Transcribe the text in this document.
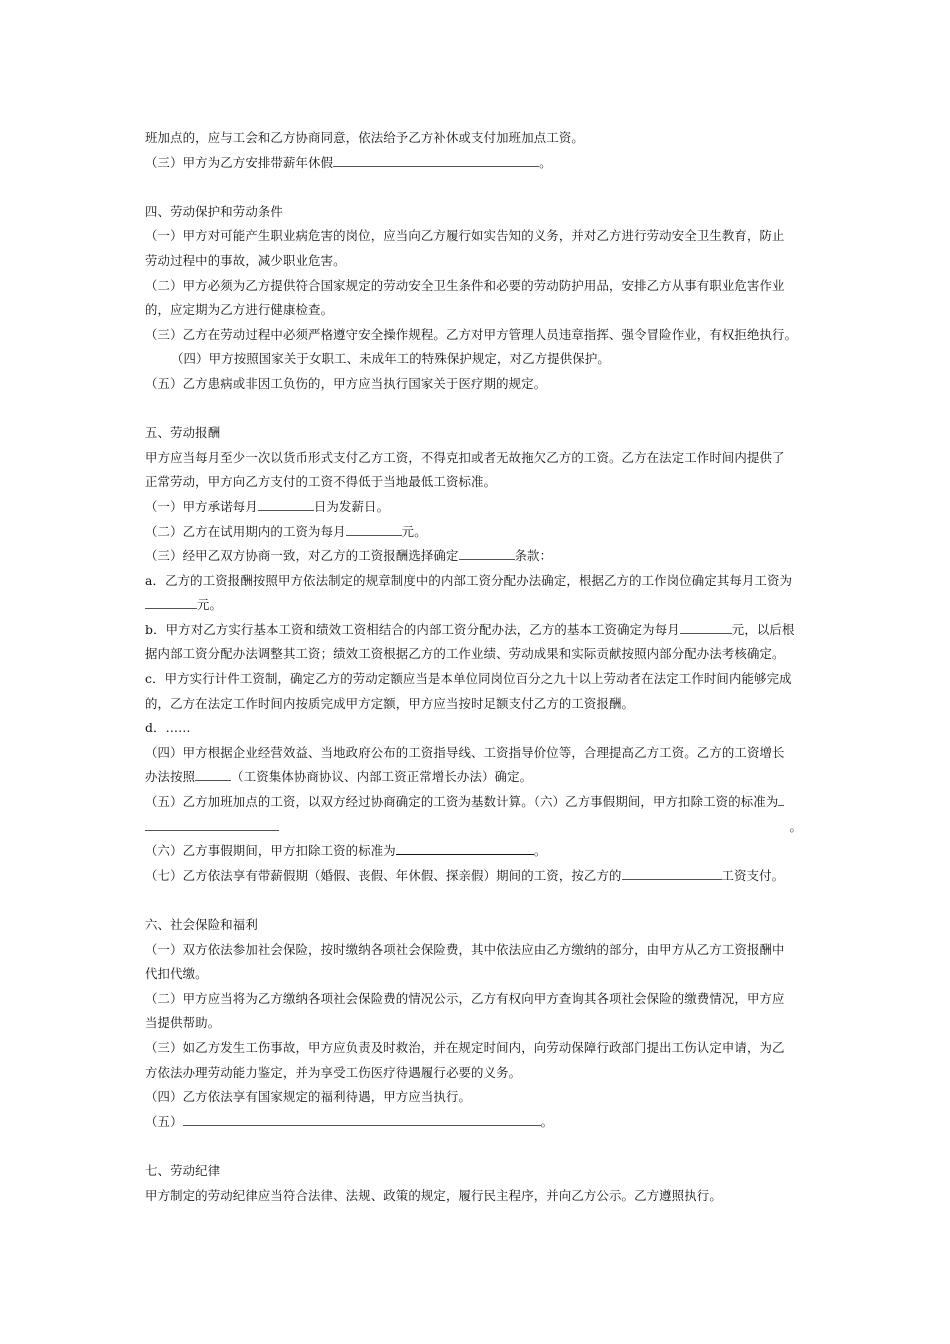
班加点的，应与工会和乙方协商同意，依法给予乙方补休或支付加班加点工资。
（三）甲方为乙方安排带薪年休假	。
四、劳动保护和劳动条件
（一）甲方对可能产生职业病危害的岗位，应当向乙方履行如实告知的义务，并对乙方进行劳动安全卫生教育，防止
劳动过程中的事故，减少职业危害。
（二）甲方必须为乙方提供符合国家规定的劳动安全卫生条件和必要的劳动防护用品，安排乙方从事有职业危害作业
的，应定期为乙方进行健康检查。
（三）乙方在劳动过程中必须严格遵守安全操作规程。乙方对甲方管理人员违章指挥、强令冒险作业，有权拒绝执行。
（四）甲方按照国家关于女职工、未成年工的特殊保护规定，对乙方提供保护。
（五）乙方患病或非因工负伤的，甲方应当执行国家关于医疗期的规定。
五、劳动报酬
甲方应当每月至少一次以货币形式支付乙方工资，不得克扣或者无故拖欠乙方的工资。乙方在法定工作时间内提供了
正常劳动，甲方向乙方支付的工资不得低于当地最低工资标准。
（一）甲方承诺每月	日为发薪日。
（二）乙方在试用期内的工资为每月	元。
（三）经甲乙双方协商一致，对乙方的工资报酬选择确定	条款：
a．乙方的工资报酬按照甲方依法制定的规章制度中的内部工资分配办法确定，根据乙方的工作岗位确定其每月工资为
元。
b．甲方对乙方实行基本工资和绩效工资相结合的内部工资分配办法，乙方的基本工资确定为每月	元，以后根
据内部工资分配办法调整其工资；绩效工资根据乙方的工作业绩、劳动成果和实际贡献按照内部分配办法考核确定。
c．甲方实行计件工资制，确定乙方的劳动定额应当是本单位同岗位百分之九十以上劳动者在法定工作时间内能够完成
的，乙方在法定工作时间内按质完成甲方定额，甲方应当按时足额支付乙方的工资报酬。
d．……
（四）甲方根据企业经营效益、当地政府公布的工资指导线、工资指导价位等，合理提高乙方工资。乙方的工资增长
办法按照	（工资集体协商协议、内部工资正常增长办法）确定。
（五）乙方加班加点的工资，以双方经过协商确定的工资为基数计算。（六）乙方事假期间，甲方扣除工资的标准为
。
（六）乙方事假期间，甲方扣除工资的标准为	。
（七）乙方依法享有带薪假期（婚假、丧假、年休假、探亲假）期间的工资，按乙方的	工资支付。
六、社会保险和福利
（一）双方依法参加社会保险，按时缴纳各项社会保险费，其中依法应由乙方缴纳的部分，由甲方从乙方工资报酬中
代扣代缴。
（二）甲方应当将为乙方缴纳各项社会保险费的情况公示，乙方有权向甲方查询其各项社会保险的缴费情况，甲方应
当提供帮助。
（三）如乙方发生工伤事故，甲方应负责及时救治，并在规定时间内，向劳动保障行政部门提出工伤认定申请，为乙
方依法办理劳动能力鉴定，并为享受工伤医疗待遇履行必要的义务。
（四）乙方依法享有国家规定的福利待遇，甲方应当执行。
（五）	。
七、劳动纪律
甲方制定的劳动纪律应当符合法律、法规、政策的规定，履行民主程序，并向乙方公示。乙方遵照执行。
